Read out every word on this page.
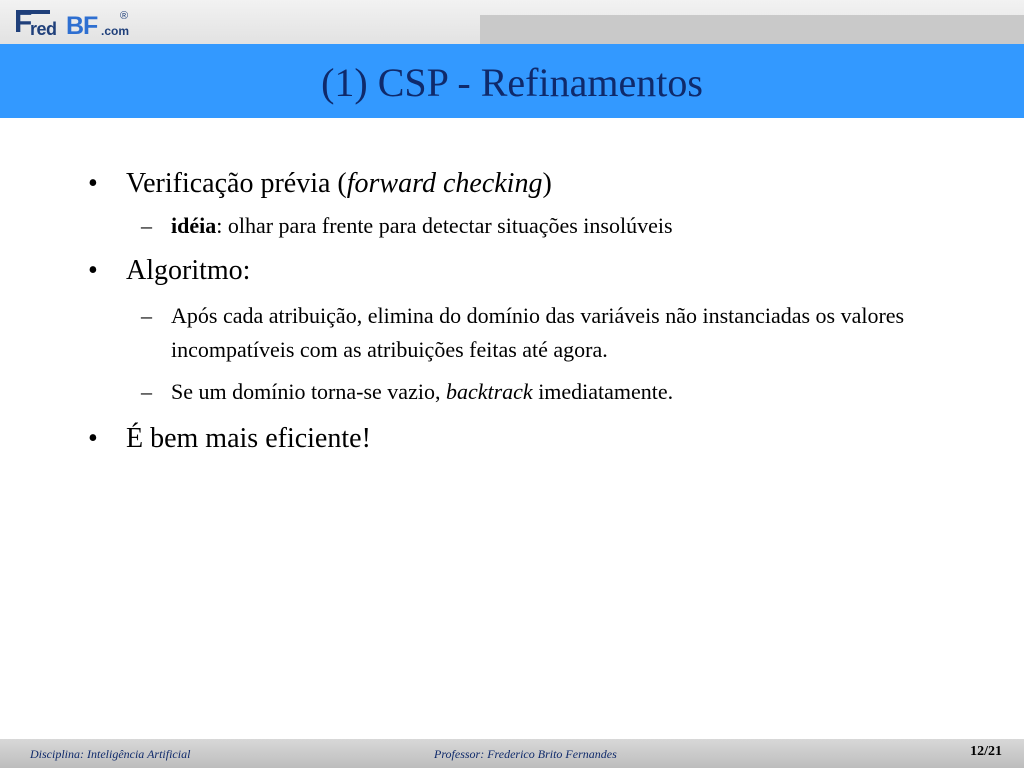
F
red BF .com
®
(1) CSP - Refinamentos
• Verificação prévia (forward checking)
– idéia: olhar para frente para detectar situações insolúveis
• Algoritmo:
– Após cada atribuição, elimina do domínio das variáveis não instanciadas os valores incompatíveis com as atribuições feitas até agora.
– Se um domínio torna-se vazio, backtrack imediatamente.
• É bem mais eficiente!
Disciplina: Inteligência Artificial	Professor: Frederico Brito Fernandes	12/21
